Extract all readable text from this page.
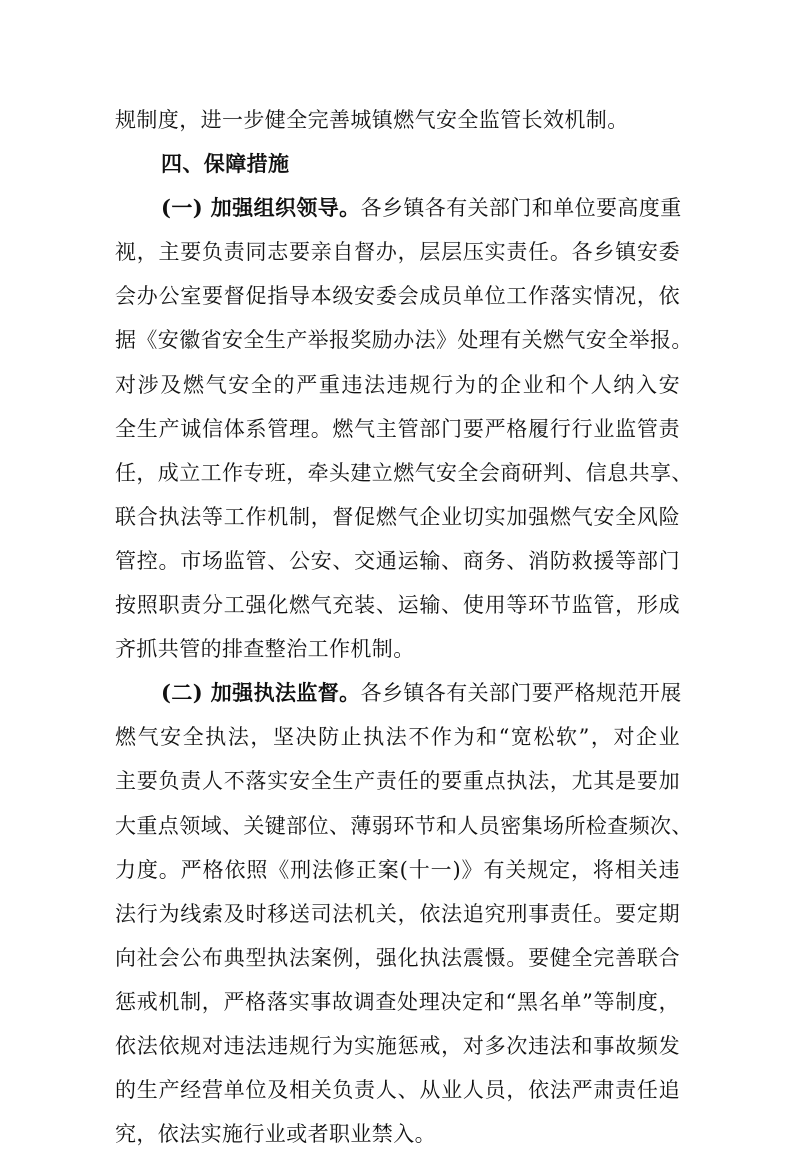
规制度，进一步健全完善城镇燃气安全监管长效机制。
四、保障措施
(一) 加强组织领导。各乡镇各有关部门和单位要高度重
视，主要负责同志要亲自督办，层层压实责任。各乡镇安委
会办公室要督促指导本级安委会成员单位工作落实情况，依
据《安徽省安全生产举报奖励办法》处理有关燃气安全举报。
对涉及燃气安全的严重违法违规行为的企业和个人纳入安
全生产诚信体系管理。燃气主管部门要严格履行行业监管责
任，成立工作专班，牵头建立燃气安全会商研判、信息共享、
联合执法等工作机制，督促燃气企业切实加强燃气安全风险
管控。市场监管、公安、交通运输、商务、消防救援等部门
按照职责分工强化燃气充装、运输、使用等环节监管，形成
齐抓共管的排查整治工作机制。
(二) 加强执法监督。各乡镇各有关部门要严格规范开展
燃气安全执法，坚决防止执法不作为和“宽松软”，对企业
主要负责人不落实安全生产责任的要重点执法，尤其是要加
大重点领域、关键部位、薄弱环节和人员密集场所检查频次、
力度。严格依照《刑法修正案(十一)》有关规定，将相关违
法行为线索及时移送司法机关，依法追究刑事责任。要定期
向社会公布典型执法案例，强化执法震慑。要健全完善联合
惩戒机制，严格落实事故调查处理决定和“黑名单”等制度，
依法依规对违法违规行为实施惩戒，对多次违法和事故频发
的生产经营单位及相关负责人、从业人员，依法严肃责任追
究，依法实施行业或者职业禁入。
